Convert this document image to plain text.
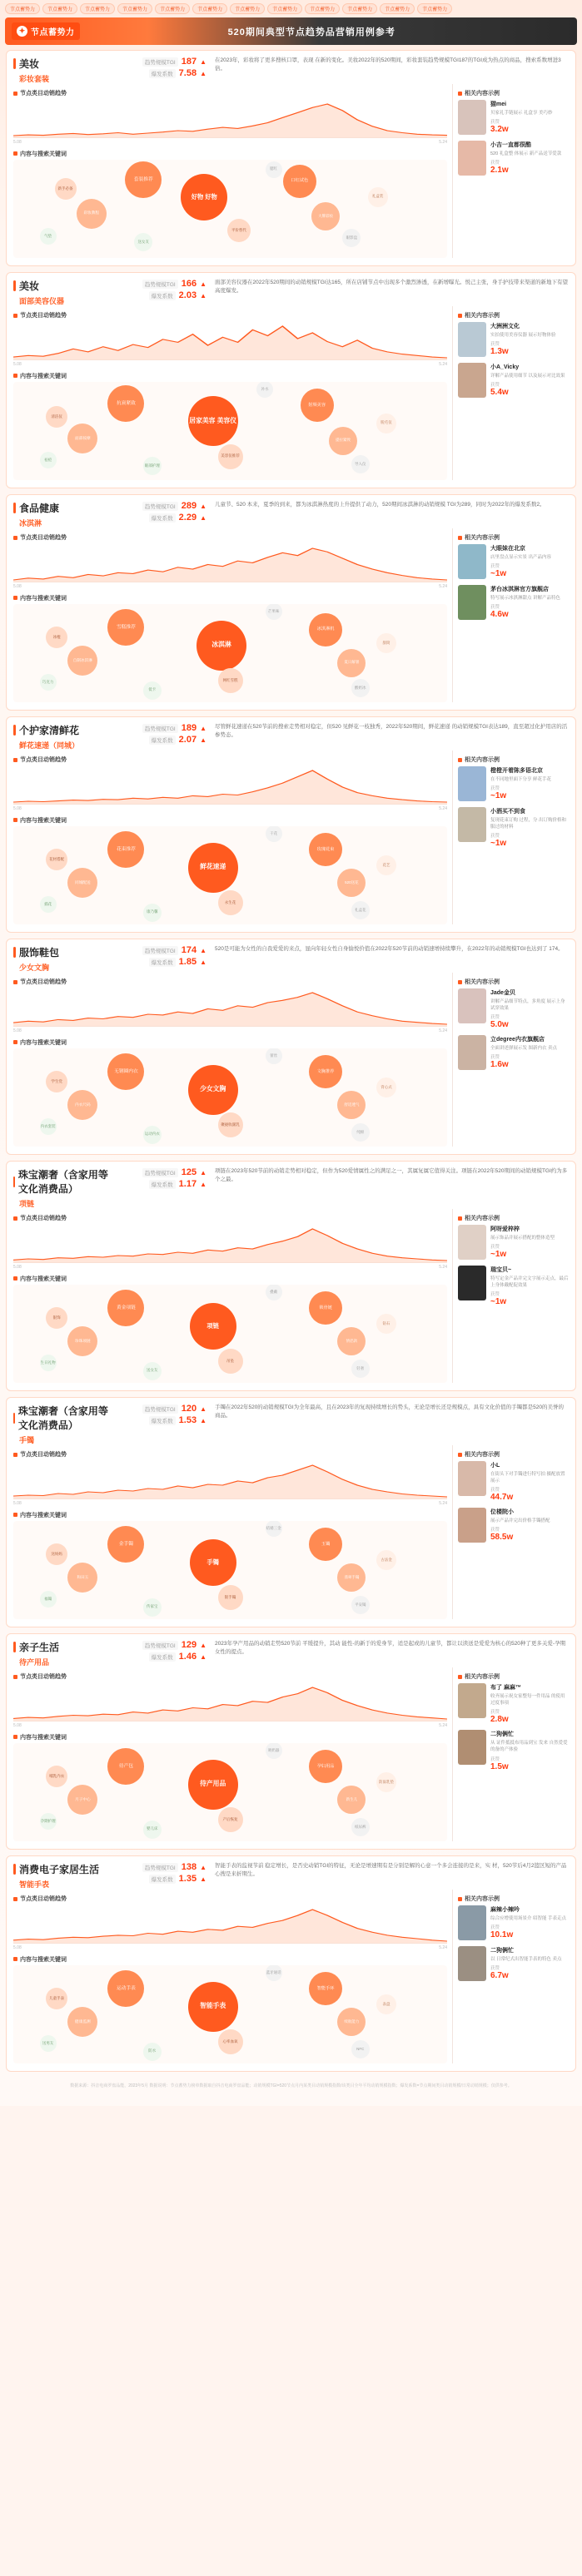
节点蓄势力	节点蓄势力	节点蓄势力	节点蓄势力	节点蓄势力	节点蓄势力	节点蓄势力	节点蓄势力	节点蓄势力	节点蓄势力	节点蓄势力	节点蓄势力
✦ 节点蓄势力	520期间典型节点趋势品营销用例参考
美妆
彩妆套装
趋势规模TGI 187 ▲
爆发系数 7.58 ▲
在2023年，彩妆将了更多搜核口罩，表现 在新的变化。美妆2022年的520期间，彩妆套装趋势规模TGI187的TGI成为热点的商品，搜索系数增进3倍。
节点类目动销趋势
5.08	5.24
内容与搜索关键词
好物 好物
套装推荐	口红试色
彩妆教程
大牌彩妆
平价替代
新手必备
礼盒装
送女友
眼影盘
腮红
气垫
相关内容示例
猫mei
贝家礼手链展示 礼盒享 美巧妙
获赞
3.2w
小吉一直都很酷
520 礼盒整 体展示 新产品送节爱款
获赞
2.1w
美妆
面部美容仪器
趋势规模TGI 166 ▲
爆发系数 2.03 ▲
面部美容仪器在2022年520期间的动销规模TGI达165，所在店铺节点中出现多个激烈渗透，在新增曝光。悦己主张，身手护技带来渠道的新地下有望高度爆发。
节点类目动销趋势
5.08	5.24
内容与搜索关键词
居家美容 美容仪
抗衰紧致	射频美容
面部按摩	提拉紧致
美容仪推荐
清洁仪
脱毛仪
眼部护理	导入仪
补水
祛痘
相关内容示例
大洲洲文化
实拍使用美容仪器 展示好物体验
获赞
1.3w
小A_Vicky
详解产品使用细节 以及展示对比效果
获赞
5.4w
食品健康
冰淇淋
趋势规模TGI 289 ▲
爆发系数 2.29 ▲
儿童节、520 本来，夏季的到来，都为冰淇淋热度的上升提供了动力，520期间冰淇淋的动销规模 TGI为289，同时为2022年的爆发系数2。
节点类目动销趋势
5.08	5.24
内容与搜索关键词
冰淇淋
雪糕推荐	冰淇淋机
自制冰淇淋	夏日解暑
网红雪糕
冰棍
甜筒
低卡	酸奶冰
芒果味
巧克力
相关内容示例
大眼妹在北京
店里盘点显示实景 出产品内容
获赞
~1w
茅台冰淇淋官方旗舰店
特写展示冰淇淋甜点 讲解产品特色
获赞
4.6w
个护家清鲜花
鲜花速递（同城）
趋势规模TGI 189 ▲
爆发系数 2.07 ▲
尽管鲜花速递在520节前的搜索走势相对稳定，但520 见鲜花一枝独秀，2022年520期间，鲜花速递 的动销规模TGI表达189，直至超过化护用店的活参势态。
节点类目动销趋势
5.08	5.24
内容与搜索关键词
鲜花速递
花束推荐	玫瑰花束
同城配送	520送花
永生花
花材搭配
花艺
康乃馨	礼盒花
干花
插花
相关内容示例
橙橙开着陈多语北京
在不同地里面下分享 鲜花手花
获赞
~1w
小酒买不到食
复现花束订购 过程，分 出订购价格和服过的材料
获赞
~1w
服饰鞋包
少女文胸
趋势规模TGI 174 ▲
爆发系数 1.85 ▲
520是可能为女性的自我爱爱的来点，显向年轻女性自身愉悦价值在2022年520节前的动销速增持续攀升，在2022年的动销规模TGI也达到了 174。
节点类目动销趋势
5.08	5.24
内容与搜索关键词
少女文胸
无钢圈内衣	文胸推荐
内衣尺码	舒适透气
聚拢收副乳
学生党
背心式
运动内衣	纯棉
蕾丝
内衣套装
相关内容示例
Jade金贝
讲解产品细节特点，多角度 展示上身试穿效果
获赞
5.0w
立degree内衣旗舰店
全面讲述弹展示发 图新内衣 卖点
获赞
1.6w
珠宝潮奢（含家用等文化消费品）
项链
趋势规模TGI 125 ▲
爆发系数 1.17 ▲
项链在2023年520节前的动销走势相对稳定，但作为520爱情属性之的满足之一，其属复属它值得关注。项链在2022年520期间的动销规模TGI约为多个之最。
节点类目动销趋势
5.08	5.24
内容与搜索关键词
项链
黄金项链	锁骨链
珍珠项链	情侣款
吊坠
银饰
钻石
送女友	轻奢
叠戴
生日礼物
相关内容示例
阿呀爱梓梓
展示饰品并展示搭配的整体造型
获赞
~1w
瑞宝贝~
特写定金产品并完文字展示走点，最后上身体戴配促效果
获赞
~1w
珠宝潮奢（含家用等文化消费品）
手镯
趋势规模TGI 120 ▲
爆发系数 1.53 ▲
手镯在2022年520的动销规模TGI为全年最高，且在2023年的复现持续增长的势头，无论是增长还是规模点，具有文化价值的手镯都是520的美誉的商品。
节点类目动销趋势
5.08	5.24
内容与搜索关键词
手镯
金手镯	玉镯
和田玉	翡翠手镯
银手镯
送妈妈
古法金
传家宝	平安镯
结婚三金
福镯
相关内容示例
小L
在街头下对手镯进行特写拍 摄配放置展示
获赞
44.7w
位楼院小
展示产品并完出价格手镯搭配
获赞
58.5w
亲子生活
待产用品
趋势规模TGI 129 ▲
爆发系数 1.46 ▲
2023年孕产用品的动销走势520节前 平缓提升，其动 能性-的新于的爱身节，适是起或的儿童节，都让以读送是爱爱为核心的520种了更多关爱-孕期女性的提点。
节点类目动销趋势
5.08	5.24
内容与搜索关键词
待产用品
待产包	孕妇用品
月子中心	新生儿
产后恢复
哺乳内衣
防溢乳垫
婴儿床	纸尿裤
吸奶器
孕期护理
相关内容示例
布了 麻麻™
收齐展示祝女家整每一件用品 的使用过度事项
获赞
2.8w
二狗俩忙
从 证件抵抵布用品到宝 发来 自然爱爱的备的产体验
获赞
1.5w
消费电子家居生活
智能手表
趋势规模TGI 138 ▲
爆发系数 1.35 ▲
智能手表的监视节前 稳定增长，是否史动销TGI的特征，无论是增速期有是分别是解的心意一个多会连接的是来，实 材，520节后4月2篮区短的产品心搜是来折期生。
节点类目动销趋势
5.08	5.24
内容与搜索关键词
智能手表
运动手表	智能手环
健康监测	续航能力
心率血氧
儿童手表
表盘
防水	NFC
蓝牙通话
送男友
相关内容示例
麻辣小辣吟
综合应增使用场景介 绍智能 手表走点
获赞
10.1w
二狗俩忙
以 日常纪式出智能手表的特色 卖点
获赞
6.7w
数据来源：抖音电商罗盘品能，2023年5月 数据说明：节点蓄势力榜单数据取自抖音电商罗盘品能；动销规模TGI=520节点月内某类目动销规模指数/该类目全年平均动销规模指数；爆发系数=节点期间类目动销规模/日常动销规模；仅供参考。
